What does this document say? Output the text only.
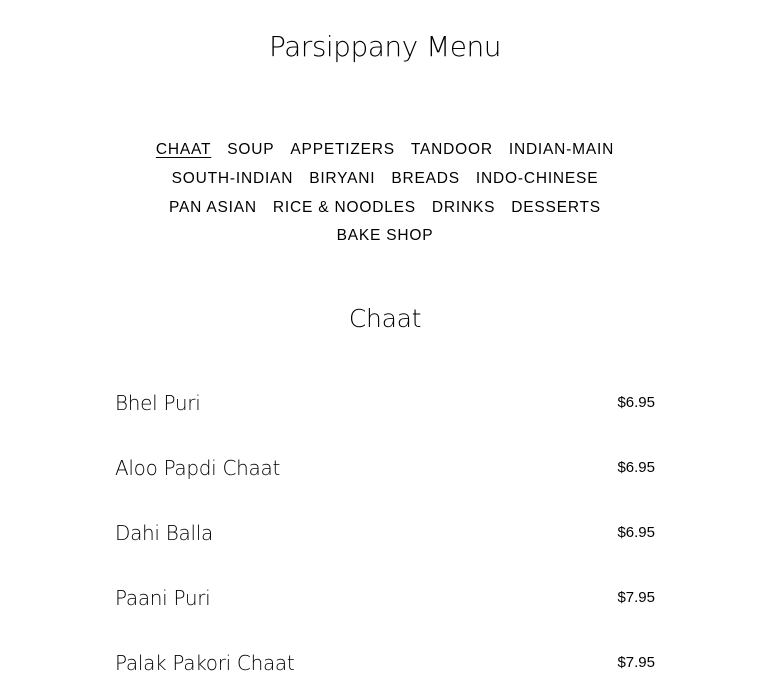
Parsippany Menu
CHAAT SOUP APPETIZERS TANDOOR INDIAN-MAIN
SOUTH-INDIAN BIRYANI BREADS INDO-CHINESE
PAN ASIAN RICE & NOODLES DRINKS DESSERTS
BAKE SHOP
Chaat
Bhel Puri	$6.95
Aloo Papdi Chaat	$6.95
Dahi Balla	$6.95
Paani Puri	$7.95
Palak Pakori Chaat	$7.95
